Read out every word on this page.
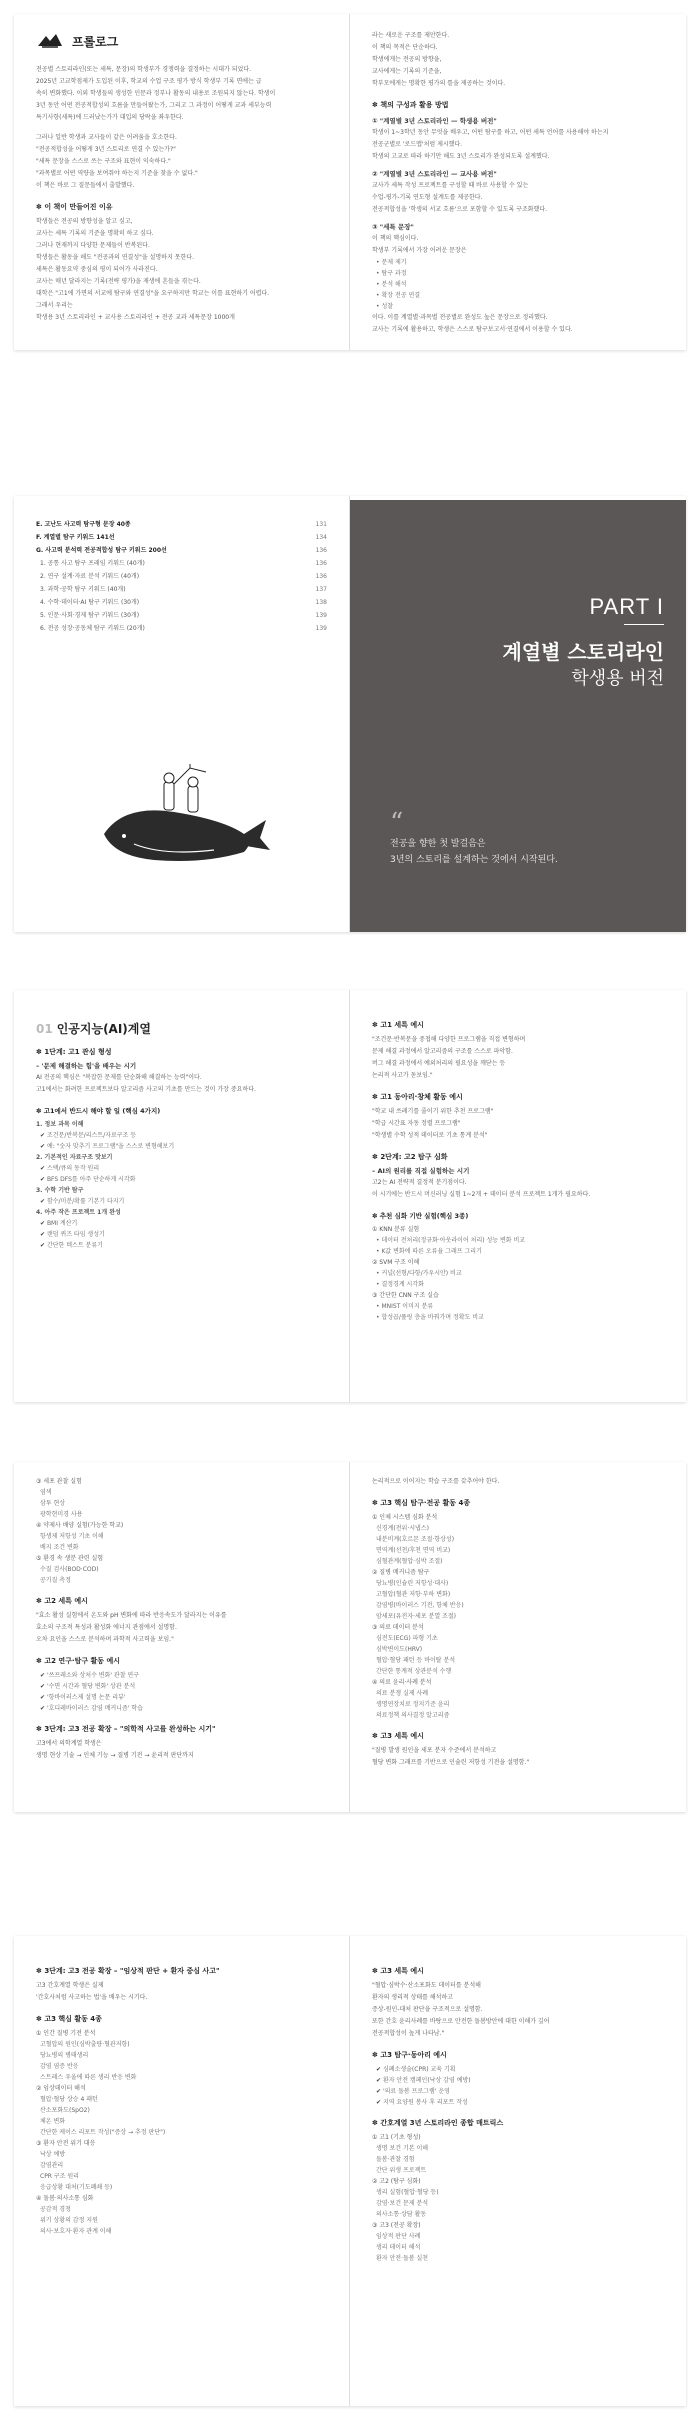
프롤로그

전공별 스토리라인(또는 세특, 문장)의 학생부가 경쟁력을 결정하는 시대가 되었다.

2025년 고교학점제가 도입된 이후, 학교의 수업 구조 평가 방식 학생부 기록 면에는 급

속히 변화했다. 이외 학생들의 생성한 인문과 정부나 활동의 내용로 조원되지 않는다. 학생이

3년 동안 어떤 전공적합성의 흐름을 만들어왔는가, 그리고 그 과정이 어떻게 교과 세부능력

특기사항(세특)에 드러났는가가 대입의 당락을 좌우한다.

그러나 일반 학생과 교사들이 같은 어려움을 호소한다.

"전공적합성을 어떻게 3년 스토리로 연결 수 있는가?"

"세특 문장을 스스로 쓰는 구조와 표현이 익숙하다."

"과목별로 어떤 역량을 보여줘야 하는지 기준을 찾을 수 없다."

이 책은 바로 그 질문들에서 출발했다.

✽ 이 책이 만들어진 이유

학생들은 전공의 방향성을 알고 싶고,

교사는 세특 기록의 기준을 명확히 하고 싶다.

그러나 현재까지 다양한 문제들이 반복된다.

학생들은 활동을 해도 "전공과의 연결성"을 설명하지 못한다.

세특은 활동요약 중심의 평이 되어가 사라진다.

교사는 매년 달라지는 기록(전략 평가)을 재생에 흔들을 겪는다.

대학은 "고1에 가면의 서교에 탐구와 연결성"을 요구하지만 학교는 이를 표현하기 어렵다.

그래서 우리는

학생용 3년 스토리라인 + 교사용 스토리라인 + 전공 교과 세특문장 1000개

라는 새로운 구조를 제안한다.

이 책의 목적은 단순하다.

학생에게는 전공의 방향을,

교사에게는 기록의 기준을,

학부모에게는 명확한 평가의 틀을 제공하는 것이다.

✽ 책의 구성과 활용 방법
① "계열별 3년 스토리라인 — 학생용 버전"

학생이 1~3학년 동안 무엇을 배우고, 어떤 탐구를 하고, 어떤 세특 언어를 사용해야 하는지

전공군별로 '로드맵'처럼 제시했다.

학생의 고교로 따라 하기만 해도 3년 스토리가 완성되도록 설계했다.

② "계열별 3년 스토리라인 — 교사용 버전"

교사가 세특 작성 프로젝트를 구성할 때 바로 사용할 수 있는

수업-평가-기록 연도형 설계도를 제공한다.

전공적합성을 '학생의 서교 흐름'으로 포함할 수 있도록 구조화했다.

③ "세특 문장"

이 책의 핵심이다.

학생부 기록에서 가장 어려운 문장은

• 문제 제기
• 탐구 과정
• 분석 해석
• 확장 전공 연결
• 성찰

이다. 이를 계열별·과목별 전공별로 완성도 높은 문장으로 정리했다.

교사는 기록에 활용하고, 학생은 스스로 탐구보고서·연결에서 이용할 수 있다.

E. 고난도 사고력 탐구형 문장 40종	131
F. 계열별 탐구 키워드 141선	134
G. 사고력 분석력 전공적합성 탐구 키워드 200선	136
1. 공통 사고 탐구 프레임 키워드 (40개)	136
2. 연구 설계·자료 분석 키워드 (40개)	136
3. 과학·공학 탐구 키워드 (40개)	137
4. 수학·데이터·AI 탐구 키워드 (30개)	138
5. 인문·사회·경제 탐구 키워드 (30개)	139
6. 전공 성장·공동체 탐구 키워드 (20개)	139
PART I
계열별 스토리라인
학생용 버전
“
전공을 향한 첫 발걸음은
3년의 스토리를 설계하는 것에서 시작된다.
01 인공지능(AI)계열
✽ 1단계: 고1 관심 형성
– '문제 해결하는 힘'을 배우는 시기

AI 전공의 핵심은 "복잡한 문제를 단순화해 해결하는 능력"이다.

고1에서는 화려한 프로젝트보다 알고리즘 사고의 기초를 만드는 것이 가장 중요하다.

✽ 고1에서 반드시 해야 할 일 (핵심 4가지)
1. 정보 과목 이해
✔ 조건문/반복문/리스트/자료구조 등
✔ 예: "숫자 맞추기 프로그램"을 스스로 변형해보기
2. 기본적인 자료구조 맛보기
✔ 스택/큐의 동작 원리
✔ BFS DFS를 아주 단순하게 시각화
3. 수학 기반 탐구
✔ 함수/미분/확률 기본기 다지기
4. 아주 작은 프로젝트 1개 완성
✔ BMI 계산기
✔ 랜덤 퀴즈 타임 생성기
✔ 간단한 텍스트 분류기
✽ 고1 세특 예시

"조건문·반복문을 중첩해 다양한 프로그램을 직접 변형하며

문제 해결 과정에서 알고리즘의 구조를 스스로 파악함.

버그 해결 과정에서 예외처리의 필요성을 깨닫는 등

논리적 사고가 돋보임."

✽ 고1 동아리·창체 활동 예시

"학교 내 쓰레기를 줄이기 위한 추천 프로그램"

"학급 시간표 자동 정렬 프로그램"

"학생별 수학 성적 데이터로 기초 통계 분석"

✽ 2단계: 고2 탐구 심화
– AI의 원리를 직접 실험하는 시기

고2는 AI 전략적 결정적 분기점이다.

이 시기에는 반드시 머신러닝 실험 1~2개 + 데이터 분석 프로젝트 1개가 필요하다.

✽ 추천 심화 기반 실험(핵심 3종)
① KNN 분류 실험
• 데이터 전처리(정규화·아웃라이어 처리) 성능 변화 비교
• K값 변화에 따른 오류율 그래프 그리기
② SVM 구조 이해
• 커널(선형/다항/가우시안) 비교
• 결정경계 시각화
③ 간단한 CNN 구조 실습
• MNIST 이미지 분류
• 합성곱/풀링 층을 바꿔가며 정확도 비교
③ 세포 관찰 실험
염색
삼투 현상
광학현미경 사용
④ 약제사 배양 실험(가능한 학교)
항생제 저항성 기초 이해
배지 조건 변화
⑤ 환경 속 생분 관련 실험
수질 검사(BOD·COD)
공기질 측정
✽ 고2 세특 예시

"효소 활성 실험에서 온도와 pH 변화에 따라 반응속도가 달라지는 이유를

효소의 구조적 특성과 활성화 에너지 관점에서 설명함.

오차 요인을 스스로 분석하며 과학적 사고력을 보임."

✽ 고2 연구·탐구 활동 예시
✔ '쓰프레소와 상처수 변화' 관찰 연구
✔ '수면 시간과 혈당 변화' 상관 분석
✔ '항바이러스제 설명 논문 리뷰'
✔ '호디레바이러스 감염 메커니즘' 학습
✽ 3단계: 고3 전공 확장 – "의학적 사고를 완성하는 시기"

고3에서 의학계열 학생은

생명 현상 기술 → 인체 기능 → 질병 기전 → 윤리적 판단까지

논리적으로 이어지는 학습 구조를 갖추어야 한다.

✽ 고3 핵심 탐구·전공 활동 4종
① 인체 시스템 심화 분석
신경계(전위·시냅스)
내분비계(호르몬 조절·항상성)
면역계(선천/후천 면역 비교)
심혈관계(혈압·심박 조절)
② 질병 메커니즘 탐구
당뇨병(인슐린 저항성·대사)
고혈압(혈관 저항·부하 변화)
감염병(바이러스 기전, 항체 반응)
암세포(유전자·세포 분열 조절)
③ 의료 데이터 분석
심전도(ECG) 파형 기초
심박변이도(HRV)
혈압·혈당 패턴 등 바이탈 분석
간단한 통계적 상관분석 수행
④ 의료 윤리·사례 분석
의료 분쟁 실제 사례
생명연장치료 정지기준 윤리
의료정책 의사결정 알고리즘
✽ 고3 세특 예시

"질병 발생 원인을 세포 분자 수준에서 분석하고

혈당 변화 그래프를 기반으로 인슐린 저항성 기전을 설명함."

✽ 3단계: 고3 전공 확장 – "임상적 판단 + 환자 중심 사고"

고3 간호계열 학생은 실제

'간호사처럼 사고하는 법'을 배우는 시기다.

✽ 고3 핵심 활동 4종
① 인간 질병 기전 분석
고혈압의 원인(심박출량·혈관저항)
당뇨병의 병태생리
감염 염증 반응
스트레스 우울에 따른 생리 반응 변화
② 임상데이터 해석
혈압·혈당 상승 4 패턴
산소포화도(SpO2)
체온 변화
간단한 케이스 리포트 작성("증상 → 추정 판단")
③ 환자 안전 위기 대응
낙상 예방
감염관리
CPR 구조 원리
응급상황 대처(기도폐쇄 등)
④ 돌봄·의사소통 심화
공감적 경청
위기 상황의 감정 지원
의사·보호자·환자 관계 이해
✽ 고3 세특 예시

"혈압·심박수·산소포화도 데이터를 분석해

환자의 생리적 상태를 해석하고

증상-원인-대처 판단을 구조적으로 설명함.

또한 간호 윤리사례를 바탕으로 안전한 돌봄방안에 대한 이해가 깊어

전공적합성이 높게 나타남."

✽ 고3 탐구·동아리 예시
✔ 심폐소생술(CPR) 교육 기획
✔ 환자 안전 캠페인(낙상 감염 예방)
✔ '의료 돌봄 프로그램' 운영
✔ 지역 요양원 봉사 후 리포트 작성
✽ 간호계열 3년 스토리라인 종합 매트릭스
① 고1 (기초 형성)
생명 보건 기본 이해
돌봄·관찰 경험
간단 위생 프로젝트
② 고2 (탐구 심화)
생리 실험(혈압·혈당 등)
감염·보건 문제 분석
의사소통·상담 활동
③ 고3 (전공 확장)
임상적 판단 사례
생리 데이터 해석
환자 안전·돌봄 실천
